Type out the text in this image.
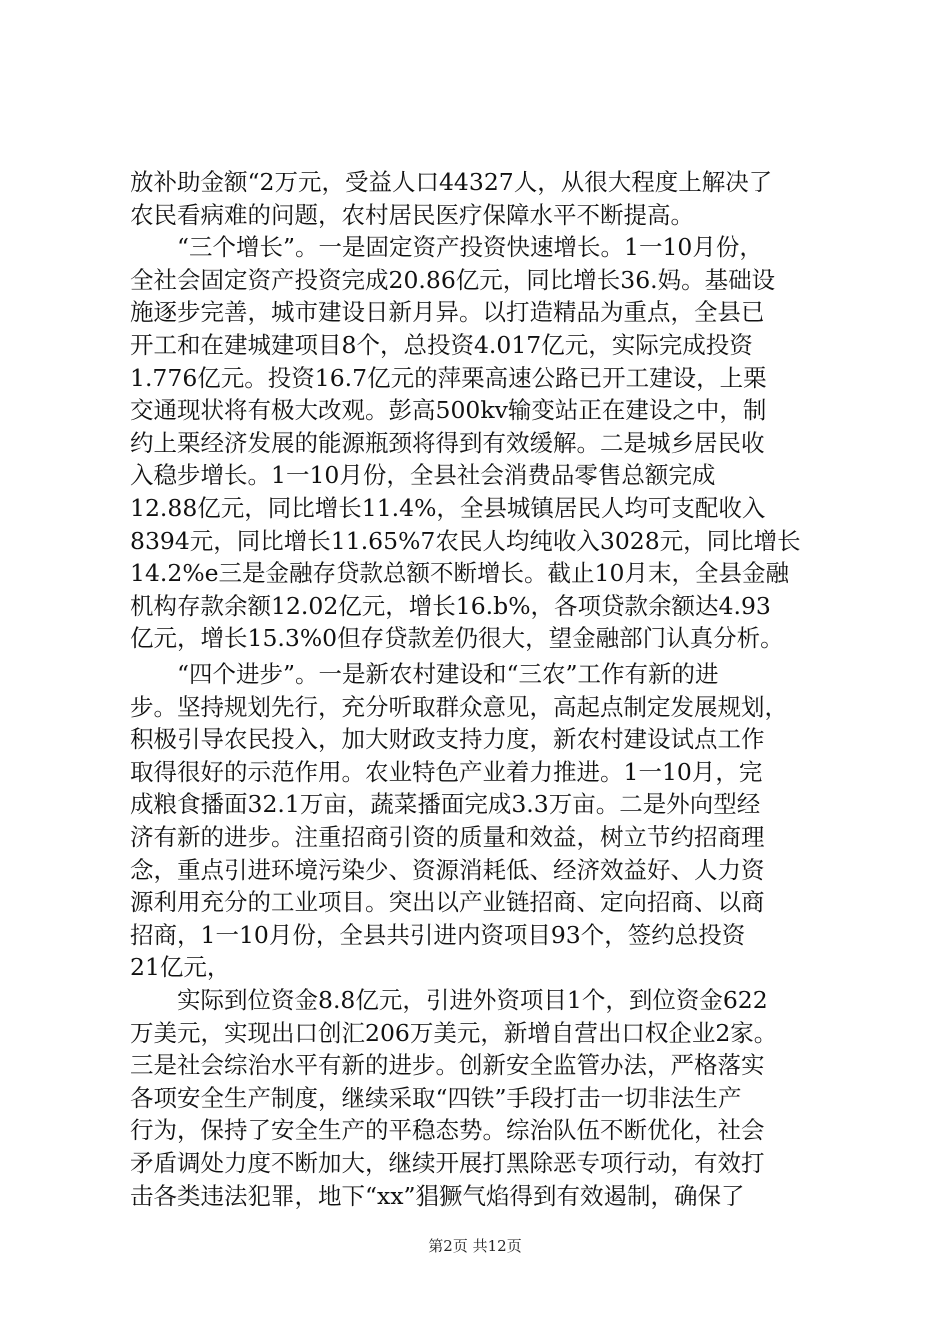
放补助金额“2万元，受益人口44327人，从很大程度上解决了
农民看病难的问题，农村居民医疗保障水平不断提高。
　　“三个增长”。一是固定资产投资快速增长。1一10月份，
全社会固定资产投资完成20.86亿元，同比增长36.妈。基础设
施逐步完善，城市建设日新月异。以打造精品为重点，全县已
开工和在建城建项目8个，总投资4.017亿元，实际完成投资
1.776亿元。投资16.7亿元的萍栗高速公路已开工建设，上栗
交通现状将有极大改观。彭高500kv输变站正在建设之中，制
约上栗经济发展的能源瓶颈将得到有效缓解。二是城乡居民收
入稳步增长。1一10月份，全县社会消费品零售总额完成
12.88亿元，同比增长11.4%，全县城镇居民人均可支配收入
8394元，同比增长11.65%7农民人均纯收入3028元，同比增长
14.2%e三是金融存贷款总额不断增长。截止10月末，全县金融
机构存款余额12.02亿元，增长16.b%，各项贷款余额达4.93
亿元，增长15.3%0但存贷款差仍很大，望金融部门认真分析。
　　“四个进步”。一是新农村建设和“三农”工作有新的进
步。坚持规划先行，充分听取群众意见，高起点制定发展规划，
积极引导农民投入，加大财政支持力度，新农村建设试点工作
取得很好的示范作用。农业特色产业着力推进。1一10月，完
成粮食播面32.1万亩，蔬菜播面完成3.3万亩。二是外向型经
济有新的进步。注重招商引资的质量和效益，树立节约招商理
念，重点引进环境污染少、资源消耗低、经济效益好、人力资
源利用充分的工业项目。突出以产业链招商、定向招商、以商
招商，1一10月份，全县共引进内资项目93个，签约总投资
21亿元，
　　实际到位资金8.8亿元，引进外资项目1个，到位资金622
万美元，实现出口创汇206万美元，新增自营出口权企业2家。
三是社会综治水平有新的进步。创新安全监管办法，严格落实
各项安全生产制度，继续采取“四铁”手段打击一切非法生产
行为，保持了安全生产的平稳态势。综治队伍不断优化，社会
矛盾调处力度不断加大，继续开展打黑除恶专项行动，有效打
击各类违法犯罪，地下“xx”猖獗气焰得到有效遏制，确保了
第2页 共12页
